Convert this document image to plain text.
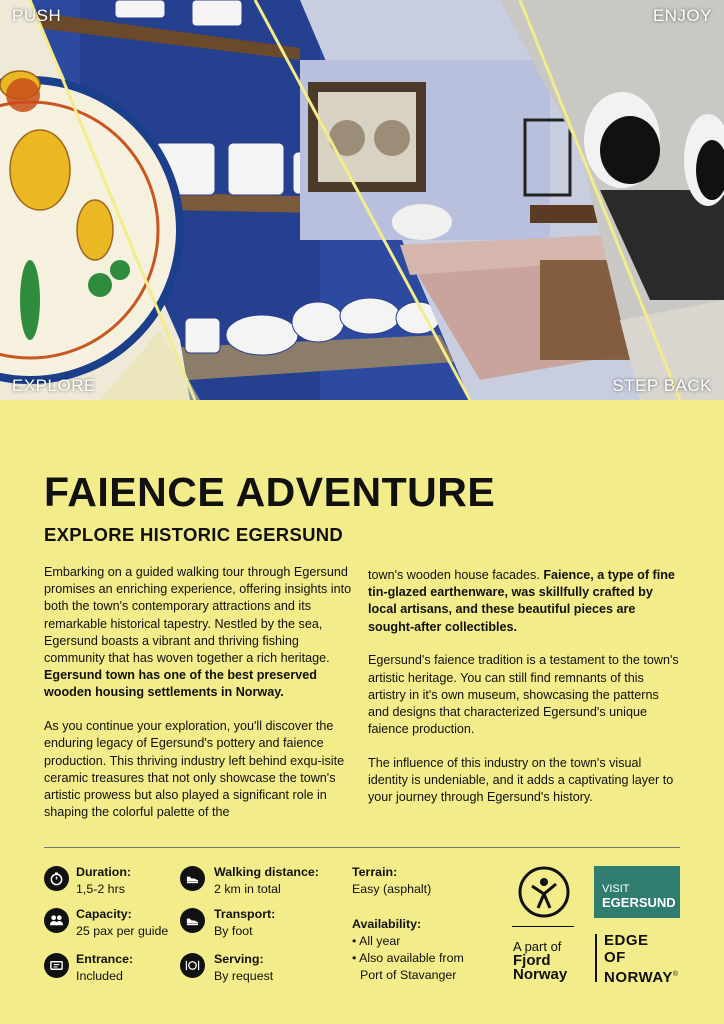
PUSH	ENJOY
EXPLORE	STEP BACK
FAIENCE ADVENTURE
EXPLORE HISTORIC EGERSUND

Embarking on a guided walking tour through Egersund promises an enriching experience, offering insights into both the town's contemporary attractions and its remarkable historical tapestry. Nestled by the sea, Egersund boasts a vibrant and thriving fishing community that has woven together a rich heritage. Egersund town has one of the best preserved wooden housing settlements in Norway.

As you continue your exploration, you'll discover the enduring legacy of Egersund's pottery and faience production. This thriving industry left behind exqu-isite ceramic treasures that not only showcase the town's artistic prowess but also played a significant role in shaping the colorful palette of the

town's wooden house facades. Faience, a type of fine tin-glazed earthenware, was skillfully crafted by local artisans, and these beautiful pieces are sought-after collectibles.

Egersund's faience tradition is a testament to the town's artistic heritage. You can still find remnants of this artistry in it's own museum, showcasing the patterns and designs that characterized Egersund's unique faience production.

The influence of this industry on the town's visual identity is undeniable, and it adds a captivating layer to your journey through Egersund's history.

Duration:
1,5-2 hrs
Capacity:
25 pax per guide
Entrance:
Included
Walking distance:
2 km in total
Transport:
By foot
Serving:
By request
Terrain:
Easy (asphalt)
Availability:
• All year
• Also available from
Port of Stavanger
A part of
Fjord
Norway
VISIT
EGERSUND
EDGE
OF
NORWAY®
